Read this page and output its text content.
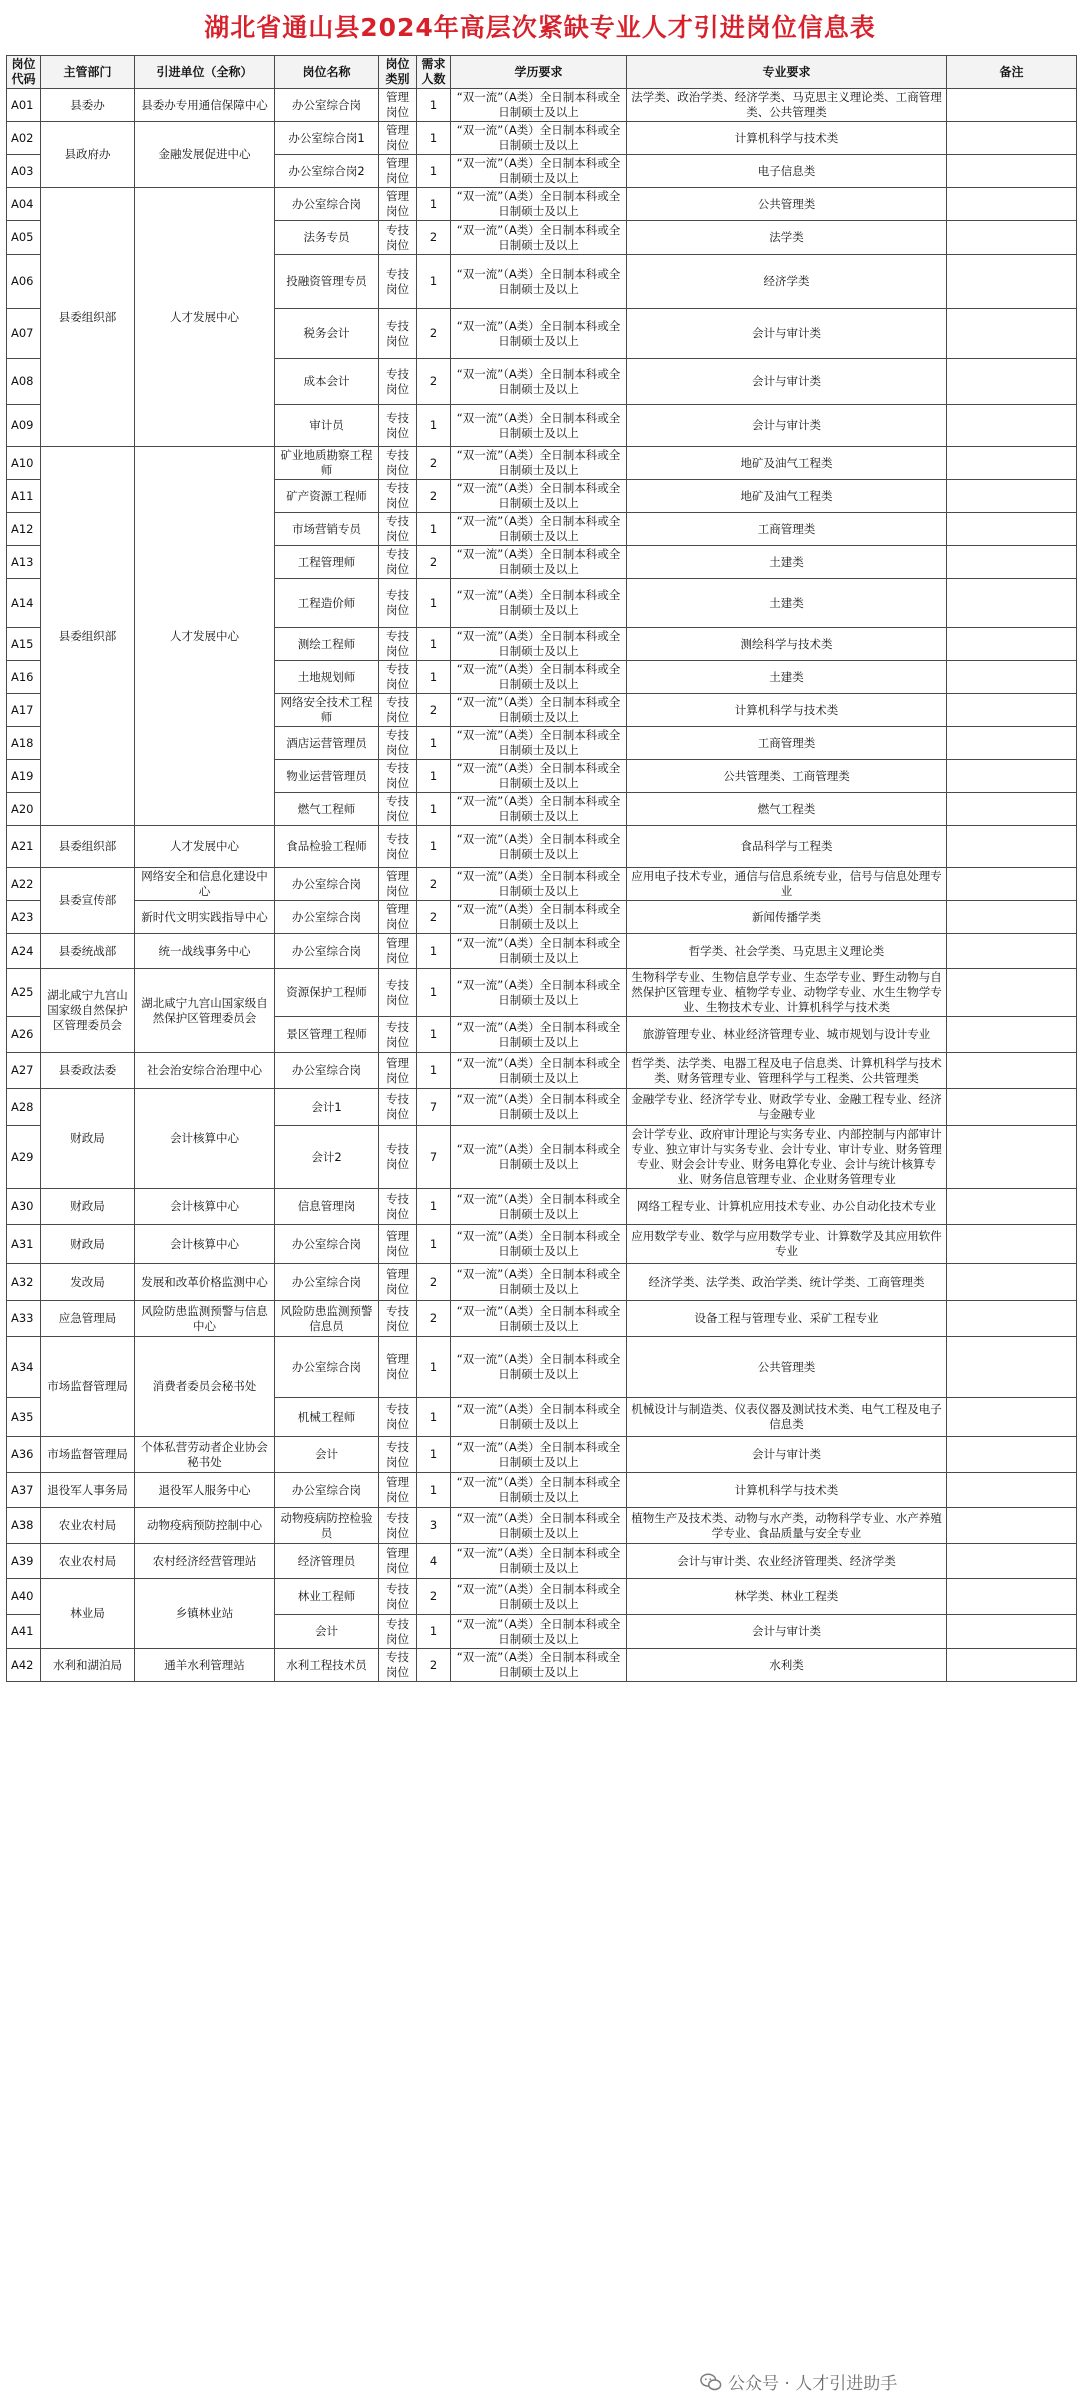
湖北省通山县2024年高层次紧缺专业人才引进岗位信息表
岗位代码	主管部门	引进单位（全称）	岗位名称	岗位类别	需求人数	学历要求	专业要求	备注
A01	县委办	县委办专用通信保障中心	办公室综合岗	管理岗位	1	“双一流”（A类）全日制本科或全日制硕士及以上	法学类、政治学类、经济学类、马克思主义理论类、工商管理类、公共管理类	
A02	县政府办	金融发展促进中心	办公室综合岗1	管理岗位	1	“双一流”（A类）全日制本科或全日制硕士及以上	计算机科学与技术类	
A03			办公室综合岗2	管理岗位	1	“双一流”（A类）全日制本科或全日制硕士及以上	电子信息类	
A04	县委组织部	人才发展中心	办公室综合岗	管理岗位	1	“双一流”（A类）全日制本科或全日制硕士及以上	公共管理类	
A05			法务专员	专技岗位	2	“双一流”（A类）全日制本科或全日制硕士及以上	法学类	
A06			投融资管理专员	专技岗位	1	“双一流”（A类）全日制本科或全日制硕士及以上	经济学类	
A07			税务会计	专技岗位	2	“双一流”（A类）全日制本科或全日制硕士及以上	会计与审计类	
A08			成本会计	专技岗位	2	“双一流”（A类）全日制本科或全日制硕士及以上	会计与审计类	
A09			审计员	专技岗位	1	“双一流”（A类）全日制本科或全日制硕士及以上	会计与审计类	
A10	县委组织部	人才发展中心	矿业地质勘察工程师	专技岗位	2	“双一流”（A类）全日制本科或全日制硕士及以上	地矿及油气工程类	
A11			矿产资源工程师	专技岗位	2	“双一流”（A类）全日制本科或全日制硕士及以上	地矿及油气工程类	
A12			市场营销专员	专技岗位	1	“双一流”（A类）全日制本科或全日制硕士及以上	工商管理类	
A13			工程管理师	专技岗位	2	“双一流”（A类）全日制本科或全日制硕士及以上	土建类	
A14			工程造价师	专技岗位	1	“双一流”（A类）全日制本科或全日制硕士及以上	土建类	
A15			测绘工程师	专技岗位	1	“双一流”（A类）全日制本科或全日制硕士及以上	测绘科学与技术类	
A16			土地规划师	专技岗位	1	“双一流”（A类）全日制本科或全日制硕士及以上	土建类	
A17			网络安全技术工程师	专技岗位	2	“双一流”（A类）全日制本科或全日制硕士及以上	计算机科学与技术类	
A18			酒店运营管理员	专技岗位	1	“双一流”（A类）全日制本科或全日制硕士及以上	工商管理类	
A19			物业运营管理员	专技岗位	1	“双一流”（A类）全日制本科或全日制硕士及以上	公共管理类、工商管理类	
A20			燃气工程师	专技岗位	1	“双一流”（A类）全日制本科或全日制硕士及以上	燃气工程类	
A21	县委组织部	人才发展中心	食品检验工程师	专技岗位	1	“双一流”（A类）全日制本科或全日制硕士及以上	食品科学与工程类	
A22	县委宣传部	网络安全和信息化建设中心	办公室综合岗	管理岗位	2	“双一流”（A类）全日制本科或全日制硕士及以上	应用电子技术专业，通信与信息系统专业，信号与信息处理专业	
A23		新时代文明实践指导中心	办公室综合岗	管理岗位	2	“双一流”（A类）全日制本科或全日制硕士及以上	新闻传播学类	
A24	县委统战部	统一战线事务中心	办公室综合岗	管理岗位	1	“双一流”（A类）全日制本科或全日制硕士及以上	哲学类、社会学类、马克思主义理论类	
A25	湖北咸宁九宫山国家级自然保护区管理委员会	湖北咸宁九宫山国家级自然保护区管理委员会	资源保护工程师	专技岗位	1	“双一流”（A类）全日制本科或全日制硕士及以上	生物科学专业、生物信息学专业、生态学专业、野生动物与自然保护区管理专业、植物学专业、动物学专业、水生生物学专业、生物技术专业、计算机科学与技术类	
A26			景区管理工程师	专技岗位	1	“双一流”（A类）全日制本科或全日制硕士及以上	旅游管理专业、林业经济管理专业、城市规划与设计专业	
A27	县委政法委	社会治安综合治理中心	办公室综合岗	管理岗位	1	“双一流”（A类）全日制本科或全日制硕士及以上	哲学类、法学类、电器工程及电子信息类、计算机科学与技术类、财务管理专业、管理科学与工程类、公共管理类	
A28	财政局	会计核算中心	会计1	专技岗位	7	“双一流”（A类）全日制本科或全日制硕士及以上	金融学专业、经济学专业、财政学专业、金融工程专业、经济与金融专业	
A29			会计2	专技岗位	7	“双一流”（A类）全日制本科或全日制硕士及以上	会计学专业、政府审计理论与实务专业、内部控制与内部审计专业、独立审计与实务专业、会计专业、审计专业、财务管理专业、财会会计专业、财务电算化专业、会计与统计核算专业、财务信息管理专业、企业财务管理专业	
A30	财政局	会计核算中心	信息管理岗	专技岗位	1	“双一流”（A类）全日制本科或全日制硕士及以上	网络工程专业、计算机应用技术专业、办公自动化技术专业	
A31	财政局	会计核算中心	办公室综合岗	管理岗位	1	“双一流”（A类）全日制本科或全日制硕士及以上	应用数学专业、数学与应用数学专业、计算数学及其应用软件专业	
A32	发改局	发展和改革价格监测中心	办公室综合岗	管理岗位	2	“双一流”（A类）全日制本科或全日制硕士及以上	经济学类、法学类、政治学类、统计学类、工商管理类	
A33	应急管理局	风险防患监测预警与信息中心	风险防患监测预警信息员	专技岗位	2	“双一流”（A类）全日制本科或全日制硕士及以上	设备工程与管理专业、采矿工程专业	
A34	市场监督管理局	消费者委员会秘书处	办公室综合岗	管理岗位	1	“双一流”（A类）全日制本科或全日制硕士及以上	公共管理类	
A35			机械工程师	专技岗位	1	“双一流”（A类）全日制本科或全日制硕士及以上	机械设计与制造类、仪表仪器及测试技术类、电气工程及电子信息类	
A36	市场监督管理局	个体私营劳动者企业协会秘书处	会计	专技岗位	1	“双一流”（A类）全日制本科或全日制硕士及以上	会计与审计类	
A37	退役军人事务局	退役军人服务中心	办公室综合岗	管理岗位	1	“双一流”（A类）全日制本科或全日制硕士及以上	计算机科学与技术类	
A38	农业农村局	动物疫病预防控制中心	动物疫病防控检验员	专技岗位	3	“双一流”（A类）全日制本科或全日制硕士及以上	植物生产及技术类、动物与水产类，动物科学专业、水产养殖学专业、食品质量与安全专业	
A39	农业农村局	农村经济经营管理站	经济管理员	管理岗位	4	“双一流”（A类）全日制本科或全日制硕士及以上	会计与审计类、农业经济管理类、经济学类	
A40	林业局	乡镇林业站	林业工程师	专技岗位	2	“双一流”（A类）全日制本科或全日制硕士及以上	林学类、林业工程类	
A41			会计	专技岗位	1	“双一流”（A类）全日制本科或全日制硕士及以上	会计与审计类	
A42	水利和湖泊局	通羊水利管理站	水利工程技术员	专技岗位	2	“双一流”（A类）全日制本科或全日制硕士及以上	水利类	
公众号 · 人才引进助手
